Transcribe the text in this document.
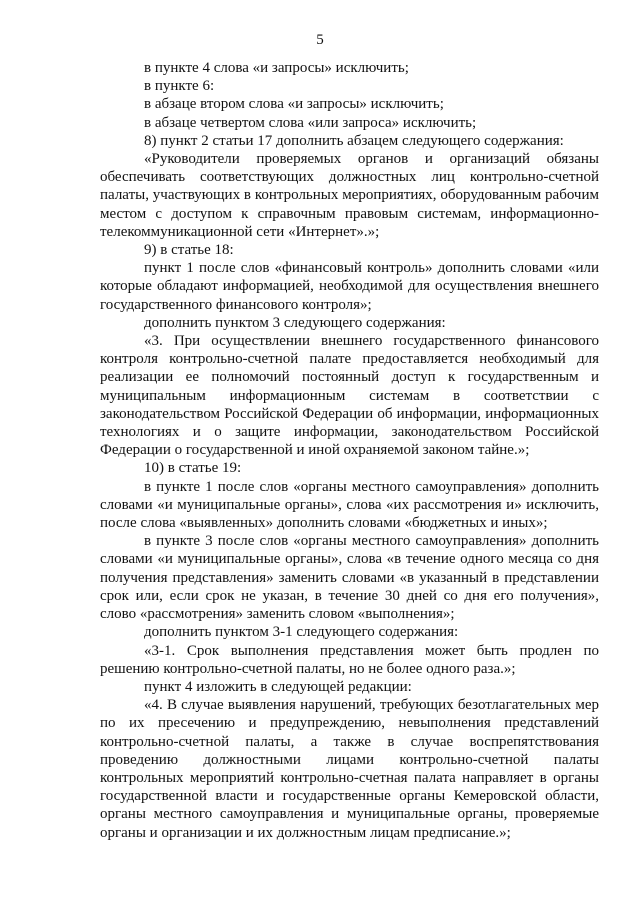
5

в пункте 4 слова «и запросы» исключить;

в пункте 6:

в абзаце втором слова «и запросы» исключить;

в абзаце четвертом слова «или запроса» исключить;

8) пункт 2 статьи 17 дополнить абзацем следующего содержания:

«Руководители проверяемых органов и организаций обязаны обеспечивать соответствующих должностных лиц контрольно-счетной палаты, участвующих в контрольных мероприятиях, оборудованным рабочим местом с доступом к справочным правовым системам, информационно-телекоммуникационной сети «Интернет».»;

9) в статье 18:

пункт 1 после слов «финансовый контроль» дополнить словами «или которые обладают информацией, необходимой для осуществления внешнего государственного финансового контроля»;

дополнить пунктом 3 следующего содержания:

«3. При осуществлении внешнего государственного финансового контроля контрольно-счетной палате предоставляется необходимый для реализации ее полномочий постоянный доступ к государственным и муниципальным информационным системам в соответствии с законодательством Российской Федерации об информации, информационных технологиях и о защите информации, законодательством Российской Федерации о государственной и иной охраняемой законом тайне.»;

10) в статье 19:

в пункте 1 после слов «органы местного самоуправления» дополнить словами «и муниципальные органы», слова «их рассмотрения и» исключить, после слова «выявленных» дополнить словами «бюджетных и иных»;

в пункте 3 после слов «органы местного самоуправления» дополнить словами «и муниципальные органы», слова «в течение одного месяца со дня получения представления» заменить словами «в указанный в представлении срок или, если срок не указан, в течение 30 дней со дня его получения», слово «рассмотрения» заменить словом «выполнения»;

дополнить пунктом 3-1 следующего содержания:

«3-1. Срок выполнения представления может быть продлен по решению контрольно-счетной палаты, но не более одного раза.»;

пункт 4 изложить в следующей редакции:

«4. В случае выявления нарушений, требующих безотлагательных мер по их пресечению и предупреждению, невыполнения представлений контрольно-счетной палаты, а также в случае воспрепятствования проведению должностными лицами контрольно-счетной палаты контрольных мероприятий контрольно-счетная палата направляет в органы государственной власти и государственные органы Кемеровской области, органы местного самоуправления и муниципальные органы, проверяемые органы и организации и их должностным лицам предписание.»;
